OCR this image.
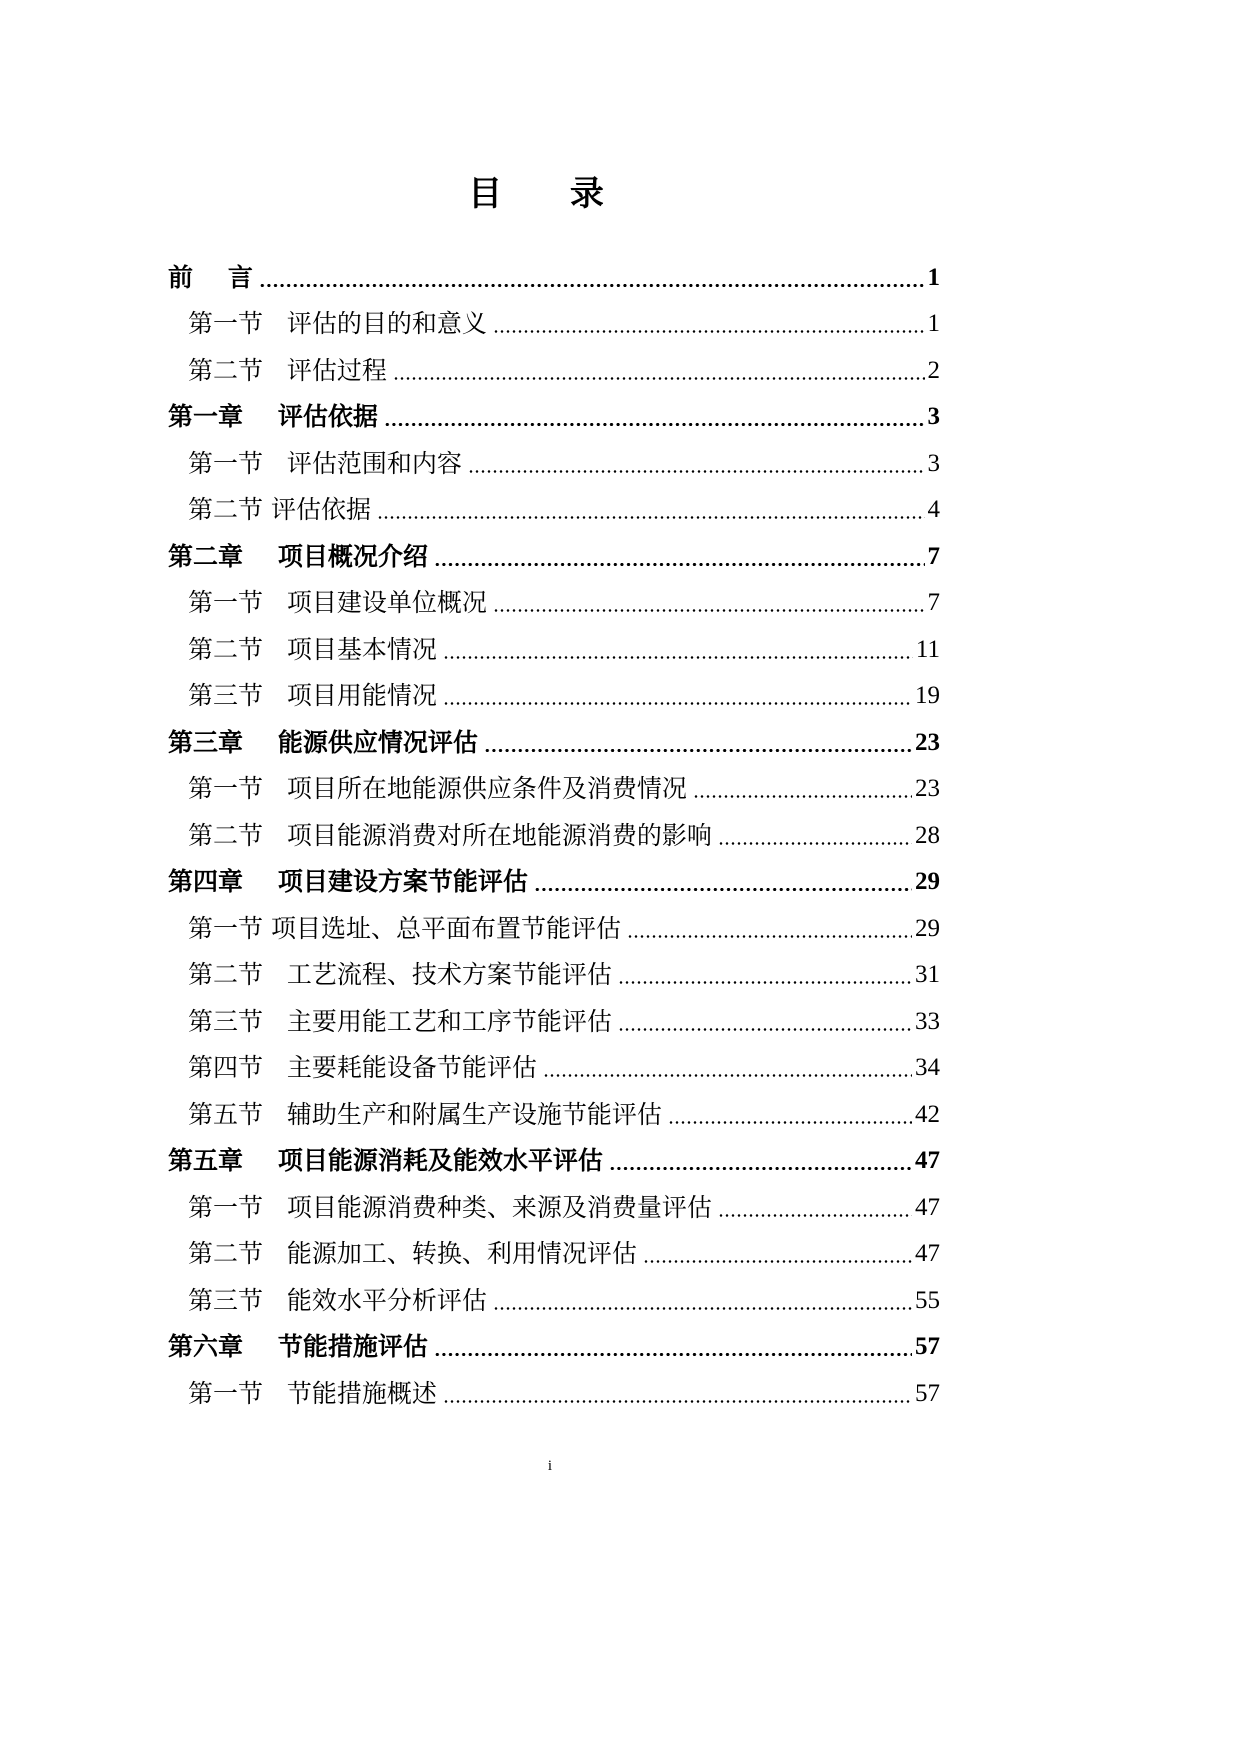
目 录
前    言	1
第一节   评估的目的和意义	1
第二节   评估过程	2
第一章    评估依据	3
第一节   评估范围和内容	3
第二节 评估依据	4
第二章    项目概况介绍	7
第一节   项目建设单位概况	7
第二节   项目基本情况	11
第三节   项目用能情况	19
第三章    能源供应情况评估	23
第一节   项目所在地能源供应条件及消费情况	23
第二节   项目能源消费对所在地能源消费的影响	28
第四章    项目建设方案节能评估	29
第一节 项目选址、总平面布置节能评估	29
第二节   工艺流程、技术方案节能评估	31
第三节   主要用能工艺和工序节能评估	33
第四节   主要耗能设备节能评估	34
第五节   辅助生产和附属生产设施节能评估	42
第五章    项目能源消耗及能效水平评估	47
第一节   项目能源消费种类、来源及消费量评估	47
第二节   能源加工、转换、利用情况评估	47
第三节   能效水平分析评估	55
第六章    节能措施评估	57
第一节   节能措施概述	57
i
